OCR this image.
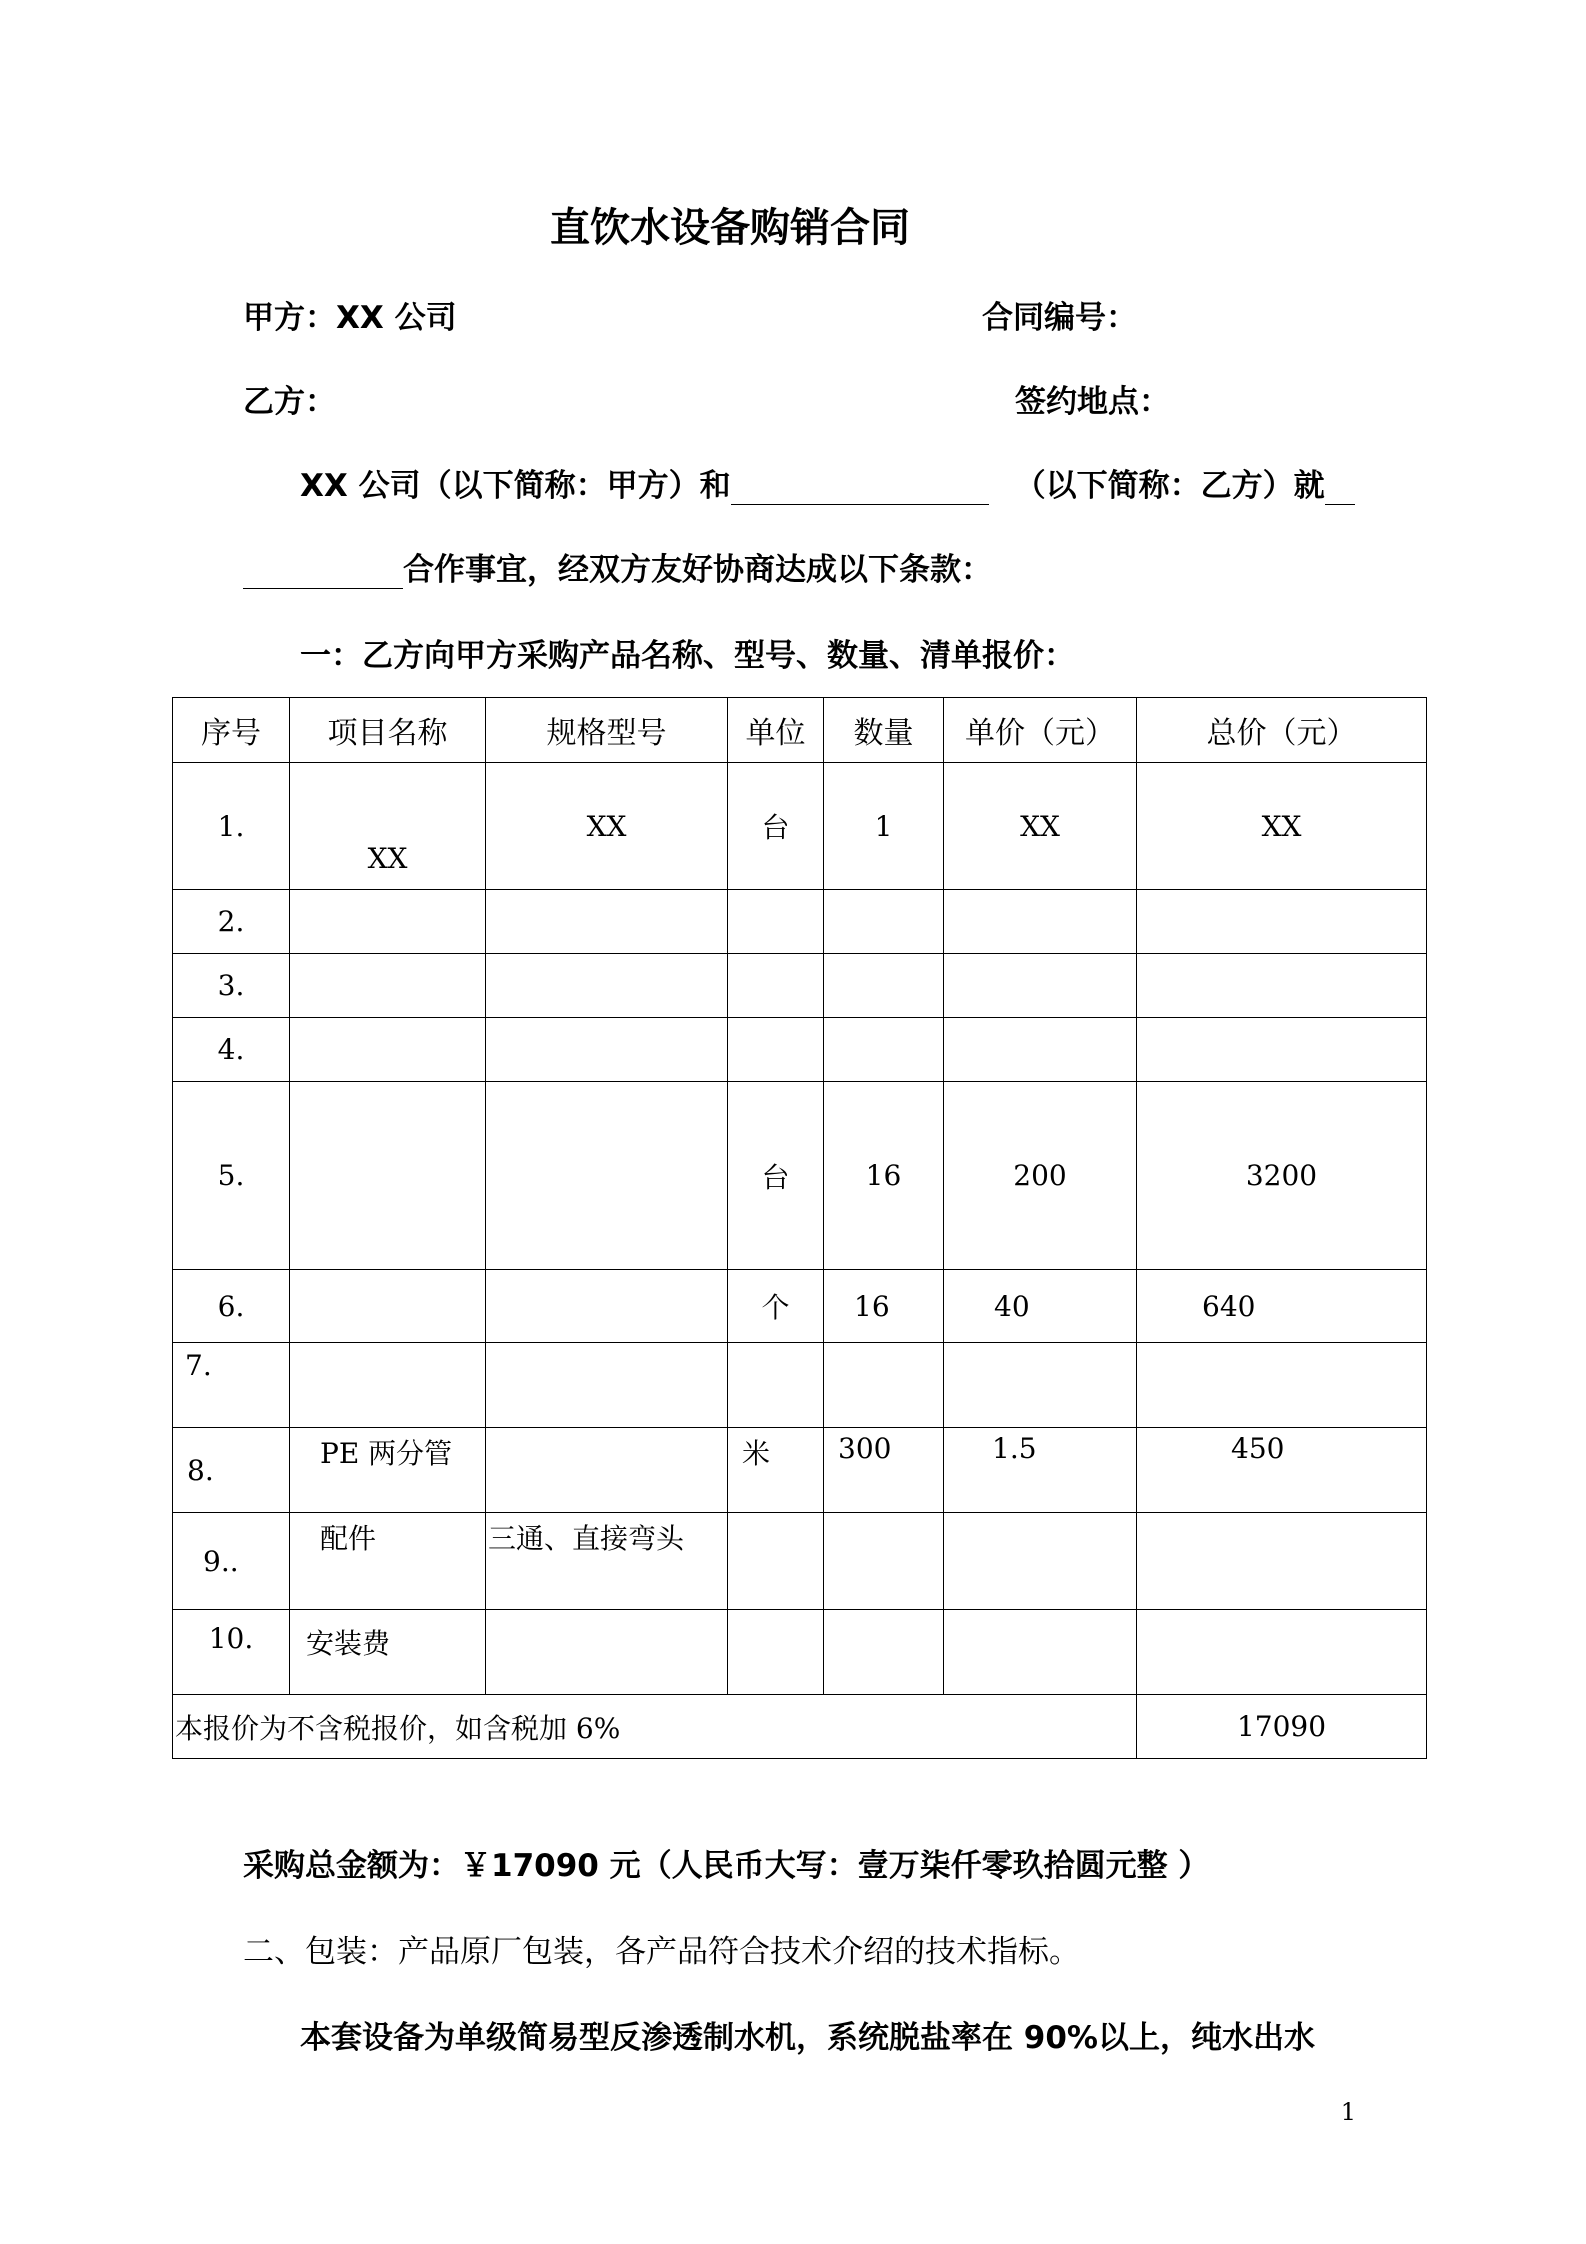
直饮水设备购销合同
甲方：XX 公司	合同编号：
乙方：	签约地点：
XX 公司（以下简称：甲方）和	（以下简称：乙方）就
合作事宜，经双方友好协商达成以下条款：
一：乙方向甲方采购产品名称、型号、数量、清单报价：
序号	项目名称	规格型号	单位	数量	单价（元）	总价（元）
1.	XX	XX	台	1	XX	XX
2.						
3.						
4.						
5.			台	16	200	3200
6.			个	16	40	640
7.						
8.	PE 两分管		米	300	1.5	450
9..	配件	三通、直接弯头				
10.	安装费					
本报价为不含税报价，如含税加 6%						17090
采购总金额为：￥17090 元（人民币大写：壹万柒仟零玖拾圆元整 ）
二、包装：产品原厂包装，各产品符合技术介绍的技术指标。
本套设备为单级简易型反渗透制水机，系统脱盐率在 90%以上，纯水出水
1
